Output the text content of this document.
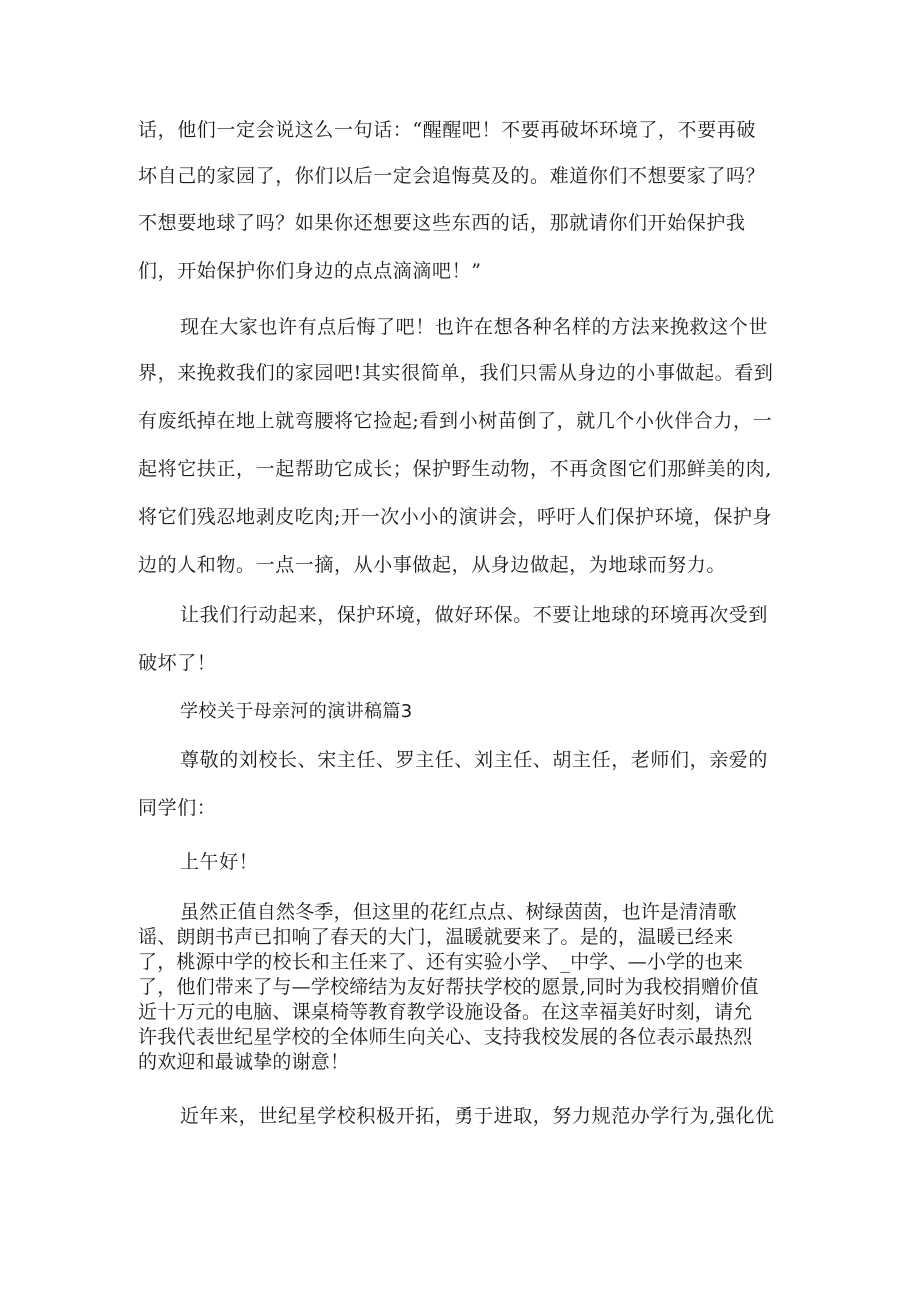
话，他们一定会说这么一句话：“醒醒吧！不要再破坏环境了，不要再破
坏自己的家园了，你们以后一定会追悔莫及的。难道你们不想要家了吗？
不想要地球了吗？如果你还想要这些东西的话，那就请你们开始保护我
们，开始保护你们身边的点点滴滴吧！”
现在大家也许有点后悔了吧！也许在想各种名样的方法来挽救这个世
界，来挽救我们的家园吧!其实很简单，我们只需从身边的小事做起。看到
有废纸掉在地上就弯腰将它捡起;看到小树苗倒了，就几个小伙伴合力，一
起将它扶正，一起帮助它成长；保护野生动物，不再贪图它们那鲜美的肉,
将它们残忍地剥皮吃肉;开一次小小的演讲会，呼吁人们保护环境，保护身
边的人和物。一点一摘，从小事做起，从身边做起，为地球而努力。
让我们行动起来，保护环境，做好环保。不要让地球的环境再次受到
破坏了！
学校关于母亲河的演讲稿篇3
尊敬的刘校长、宋主任、罗主任、刘主任、胡主任，老师们，亲爱的
同学们：
上午好！
虽然正值自然冬季，但这里的花红点点、树绿茵茵，也许是清清歌
谣、朗朗书声已扣响了春天的大门，温暖就要来了。是的，温暖已经来
了，桃源中学的校长和主任来了、还有实验小学、_中学、—小学的也来
了，他们带来了与—学校缔结为友好帮扶学校的愿景,同时为我校捐赠价值
近十万元的电脑、课桌椅等教育教学设施设备。在这幸福美好时刻，请允
许我代表世纪星学校的全体师生向关心、支持我校发展的各位表示最热烈
的欢迎和最诚挚的谢意！
近年来，世纪星学校积极开拓，勇于进取，努力规范办学行为,强化优
